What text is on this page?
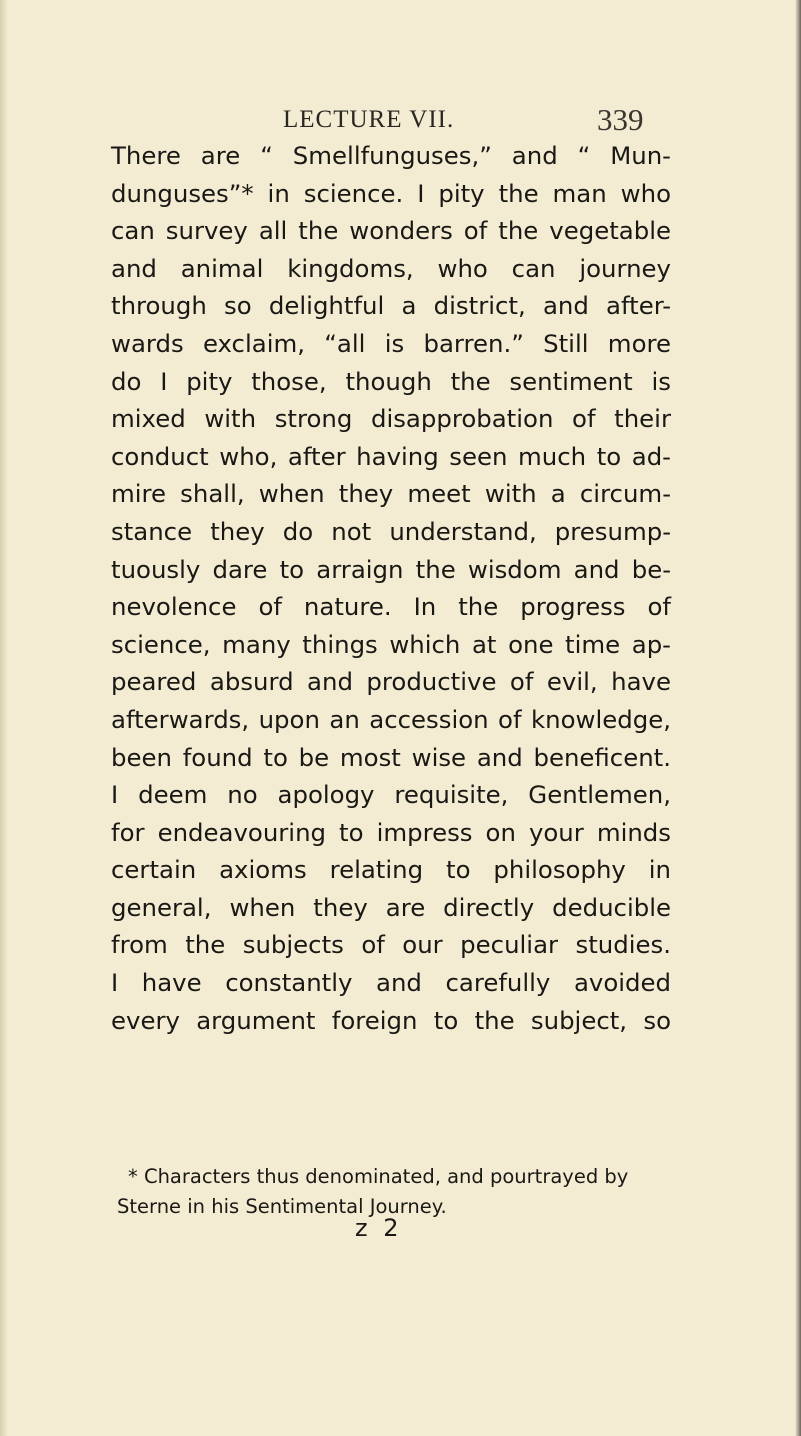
LECTURE VII.	339
There are “ Smellfunguses,” and “ Mun-
dunguses”* in science. I pity the man who
can survey all the wonders of the vegetable
and animal kingdoms, who can journey
through so delightful a district, and after-
wards exclaim, “all is barren.” Still more
do I pity those, though the sentiment is
mixed with strong disapprobation of their
conduct who, after having seen much to ad-
mire shall, when they meet with a circum-
stance they do not understand, presump-
tuously dare to arraign the wisdom and be-
nevolence of nature. In the progress of
science, many things which at one time ap-
peared absurd and productive of evil, have
afterwards, upon an accession of knowledge,
been found to be most wise and beneficent.
I deem no apology requisite, Gentlemen,
for endeavouring to impress on your minds
certain axioms relating to philosophy in
general, when they are directly deducible
from the subjects of our peculiar studies.
I have constantly and carefully avoided
every argument foreign to the subject, so
* Characters thus denominated, and pourtrayed by
Sterne in his Sentimental Journey.
z 2
